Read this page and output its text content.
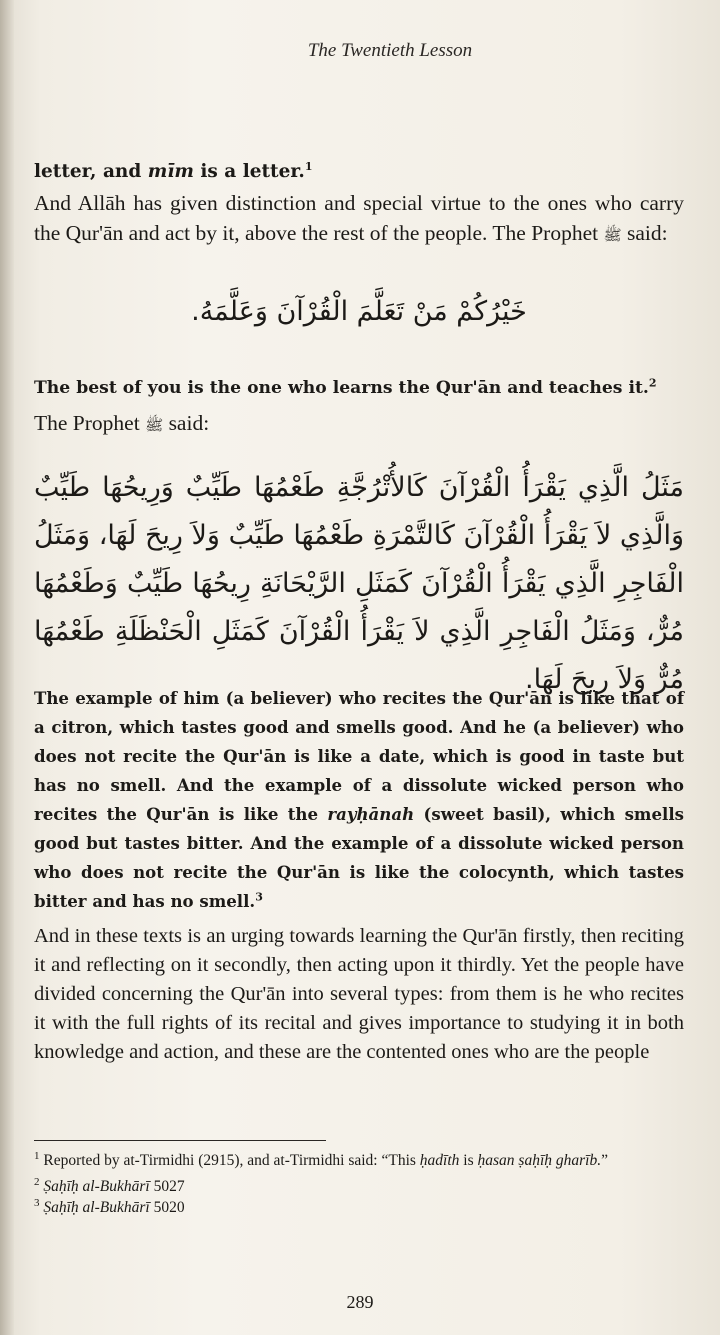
The Twentieth Lesson

letter, and mīm is a letter.$^1$

And Allāh has given distinction and special virtue to the ones who carry the Qur'ān and act by it, above the rest of the people. The Prophet ﷺ said:

خَيْرُكُمْ مَنْ تَعَلَّمَ الْقُرْآنَ وَعَلَّمَهُ.

The best of you is the one who learns the Qur'ān and teaches it.$^2$

The Prophet ﷺ said:

مَثَلُ الَّذِي يَقْرَأُ الْقُرْآنَ كَالأُتْرُجَّةِ طَعْمُهَا طَيِّبٌ وَرِيحُهَا طَيِّبٌ وَالَّذِي لاَ يَقْرَأُ الْقُرْآنَ كَالتَّمْرَةِ طَعْمُهَا طَيِّبٌ وَلاَ رِيحَ لَهَا، وَمَثَلُ الْفَاجِرِ الَّذِي يَقْرَأُ الْقُرْآنَ كَمَثَلِ الرَّيْحَانَةِ رِيحُهَا طَيِّبٌ وَطَعْمُهَا مُرٌّ، وَمَثَلُ الْفَاجِرِ الَّذِي لاَ يَقْرَأُ الْقُرْآنَ كَمَثَلِ الْحَنْظَلَةِ طَعْمُهَا مُرٌّ وَلاَ رِيحَ لَهَا.

The example of him (a believer) who recites the Qur'ān is like that of a citron, which tastes good and smells good. And he (a believer) who does not recite the Qur'ān is like a date, which is good in taste but has no smell. And the example of a dissolute wicked person who recites the Qur'ān is like the rayḥānah (sweet basil), which smells good but tastes bitter. And the example of a dissolute wicked person who does not recite the Qur'ān is like the colocynth, which tastes bitter and has no smell.$^3$

And in these texts is an urging towards learning the Qur'ān firstly, then reciting it and reflecting on it secondly, then acting upon it thirdly. Yet the people have divided concerning the Qur'ān into several types: from them is he who recites it with the full rights of its recital and gives importance to studying it in both knowledge and action, and these are the contented ones who are the people

$^1$ Reported by at-Tirmidhi (2915), and at-Tirmidhi said: “This ḥadīth is ḥasan ṣaḥīḥ gharīb.”

$^2$ Ṣaḥīḥ al-Bukhārī 5027

$^3$ Ṣaḥīḥ al-Bukhārī 5020

289
